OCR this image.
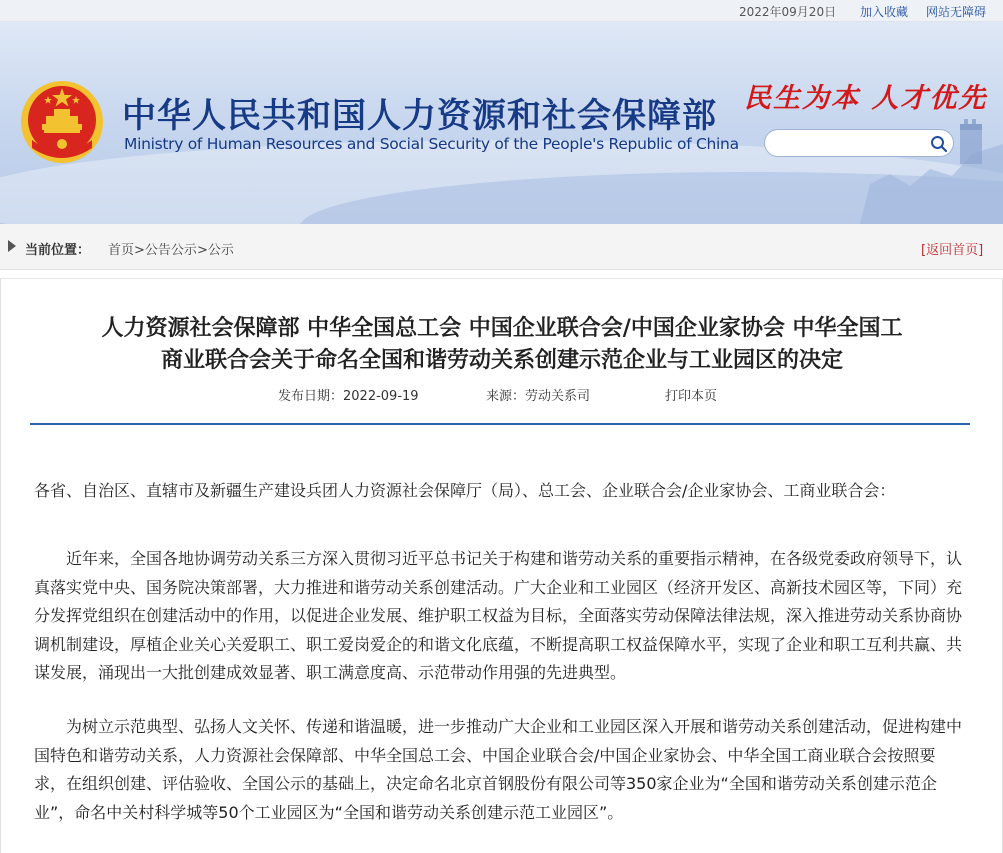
2022年09月20日 加入收藏 网站无障碍
中华人民共和国人力资源和社会保障部
Ministry of Human Resources and Social Security of the People's Republic of China
民生为本 人才优先
当前位置： 首页>公告公示>公示	[返回首页]
人力资源社会保障部 中华全国总工会 中国企业联合会/中国企业家协会 中华全国工
商业联合会关于命名全国和谐劳动关系创建示范企业与工业园区的决定
发布日期：2022-09-19	来源：劳动关系司	打印本页
各省、自治区、直辖市及新疆生产建设兵团人力资源社会保障厅（局）、总工会、企业联合会/企业家协会、工商业联合会：
近年来，全国各地协调劳动关系三方深入贯彻习近平总书记关于构建和谐劳动关系的重要指示精神，在各级党委政府领导下，认真落实党中央、国务院决策部署，大力推进和谐劳动关系创建活动。广大企业和工业园区（经济开发区、高新技术园区等，下同）充分发挥党组织在创建活动中的作用，以促进企业发展、维护职工权益为目标，全面落实劳动保障法律法规，深入推进劳动关系协商协调机制建设，厚植企业关心关爱职工、职工爱岗爱企的和谐文化底蕴，不断提高职工权益保障水平，实现了企业和职工互利共赢、共谋发展，涌现出一大批创建成效显著、职工满意度高、示范带动作用强的先进典型。
为树立示范典型、弘扬人文关怀、传递和谐温暖，进一步推动广大企业和工业园区深入开展和谐劳动关系创建活动，促进构建中国特色和谐劳动关系，人力资源社会保障部、中华全国总工会、中国企业联合会/中国企业家协会、中华全国工商业联合会按照要求，在组织创建、评估验收、全国公示的基础上，决定命名北京首钢股份有限公司等350家企业为“全国和谐劳动关系创建示范企业”，命名中关村科学城等50个工业园区为“全国和谐劳动关系创建示范工业园区”。
